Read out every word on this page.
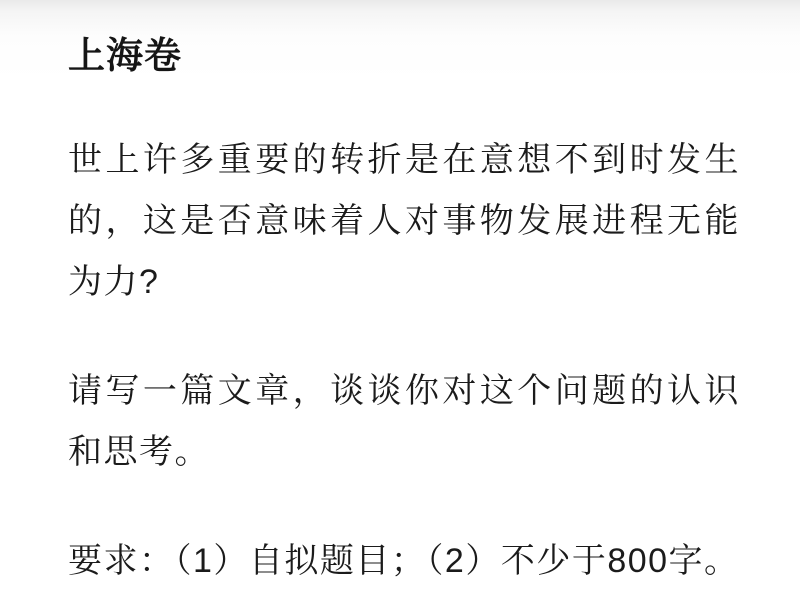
上海卷

世上许多重要的转折是在意想不到时发生的，这是否意味着人对事物发展进程无能为力?

请写一篇文章，谈谈你对这个问题的认识和思考。

要求：（1）自拟题目；（2）不少于800字。
